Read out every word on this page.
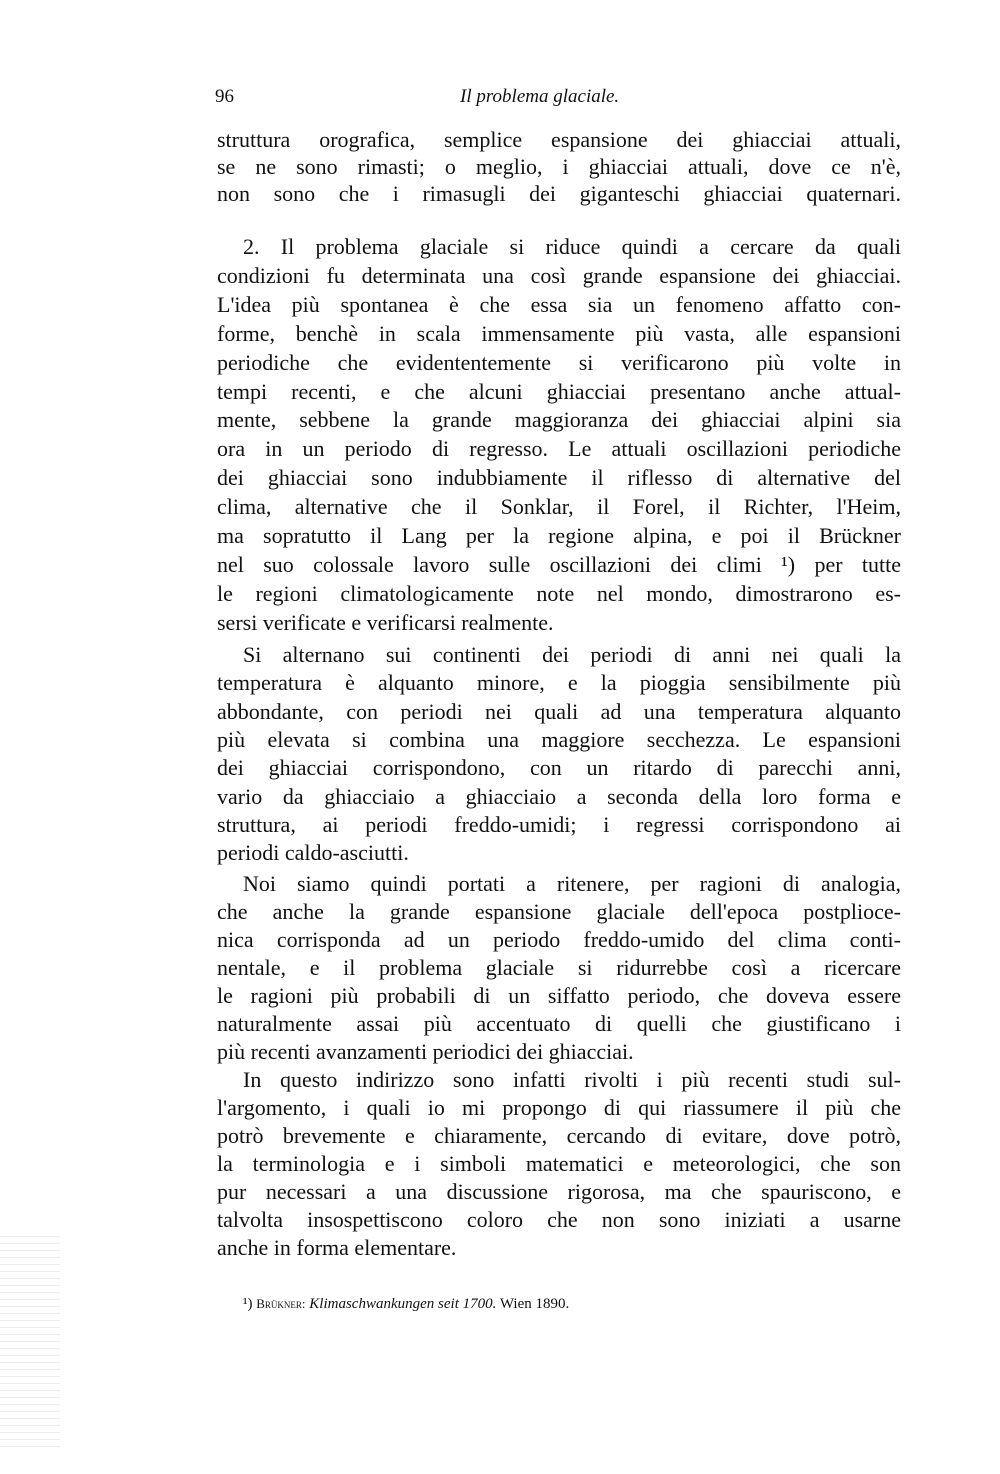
96	Il problema glaciale.
struttura orografica, semplice espansione dei ghiacciai attuali,
se ne sono rimasti; o meglio, i ghiacciai attuali, dove ce n'è,
non sono che i rimasugli dei giganteschi ghiacciai quaternari.
2. Il problema glaciale si riduce quindi a cercare da quali
condizioni fu determinata una così grande espansione dei ghiacciai.
L'idea più spontanea è che essa sia un fenomeno affatto con-
forme, benchè in scala immensamente più vasta, alle espansioni
periodiche che evidententemente si verificarono più volte in
tempi recenti, e che alcuni ghiacciai presentano anche attual-
mente, sebbene la grande maggioranza dei ghiacciai alpini sia
ora in un periodo di regresso. Le attuali oscillazioni periodiche
dei ghiacciai sono indubbiamente il riflesso di alternative del
clima, alternative che il Sonklar, il Forel, il Richter, l'Heim,
ma sopratutto il Lang per la regione alpina, e poi il Brückner
nel suo colossale lavoro sulle oscillazioni dei climi ¹) per tutte
le regioni climatologicamente note nel mondo, dimostrarono es-
sersi verificate e verificarsi realmente.
Si alternano sui continenti dei periodi di anni nei quali la
temperatura è alquanto minore, e la pioggia sensibilmente più
abbondante, con periodi nei quali ad una temperatura alquanto
più elevata si combina una maggiore secchezza. Le espansioni
dei ghiacciai corrispondono, con un ritardo di parecchi anni,
vario da ghiacciaio a ghiacciaio a seconda della loro forma e
struttura, ai periodi freddo-umidi; i regressi corrispondono ai
periodi caldo-asciutti.
Noi siamo quindi portati a ritenere, per ragioni di analogia,
che anche la grande espansione glaciale dell'epoca postplioce-
nica corrisponda ad un periodo freddo-umido del clima conti-
nentale, e il problema glaciale si ridurrebbe così a ricercare
le ragioni più probabili di un siffatto periodo, che doveva essere
naturalmente assai più accentuato di quelli che giustificano i
più recenti avanzamenti periodici dei ghiacciai.
In questo indirizzo sono infatti rivolti i più recenti studi sul-
l'argomento, i quali io mi propongo di qui riassumere il più che
potrò brevemente e chiaramente, cercando di evitare, dove potrò,
la terminologia e i simboli matematici e meteorologici, che son
pur necessari a una discussione rigorosa, ma che spauriscono, e
talvolta insospettiscono coloro che non sono iniziati a usarne
anche in forma elementare.
¹) Brükner: Klimaschwankungen seit 1700. Wien 1890.
